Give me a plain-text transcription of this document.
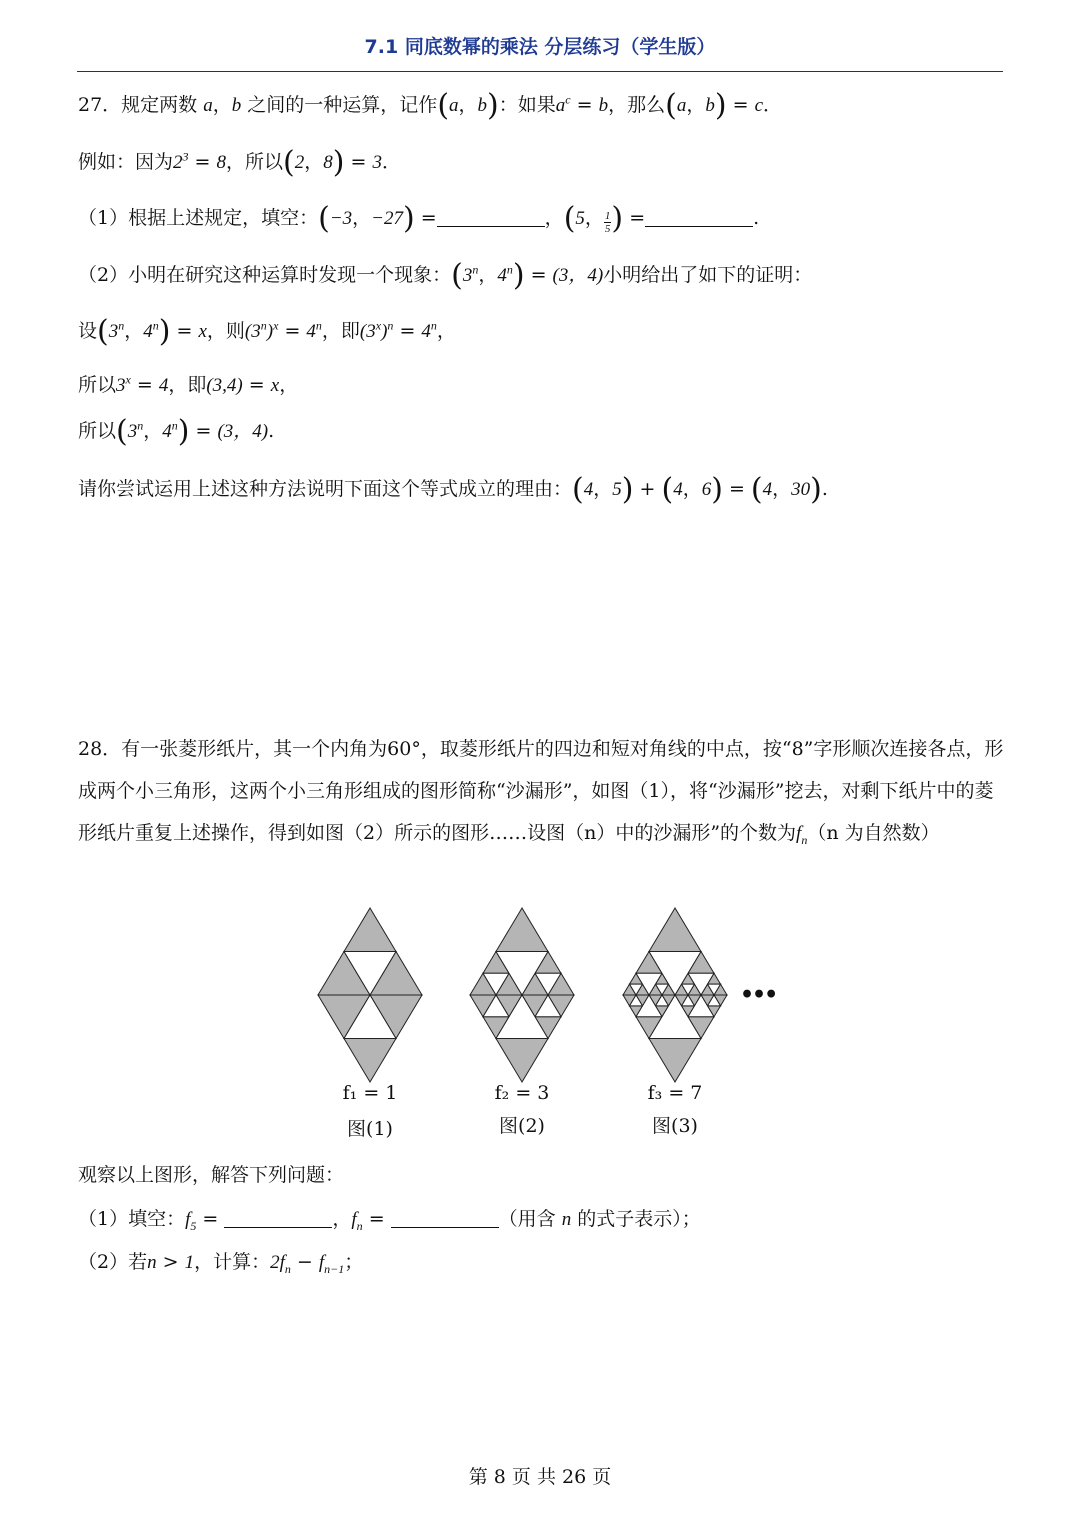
7.1 同底数幂的乘法 分层练习（学生版）
27．规定两数 a，b 之间的一种运算，记作(a，b)：如果$a^c = b$，那么(a，b) = c．
例如：因为$2^3 = 8$，所以(2，8) = 3．
（1）根据上述规定，填空：(−3，−27) =	，(5， $\frac{1}{5}$ ) =	.
（2）小明在研究这种运算时发现一个现象：(3$^n$，$4^n) = (3$，4)小明给出了如下的证明：
设(3$^n$，$4^n) = x$，则$(3^n)^x = 4^n$，即$(3^x)^n = 4^n$，
所以$3^x = 4$，即(3,4) = x，
所以(3$^n$，$4^n) = (3$，4).
请你尝试运用上述这种方法说明下面这个等式成立的理由：(4，5) + (4，6) = (4，30).
28．有一张菱形纸片，其一个内角为60°，取菱形纸片的四边和短对角线的中点，按“8”字形顺次连接各点，形成两个小三角形，这两个小三角形组成的图形简称“沙漏形”，如图（1），将“沙漏形”挖去，对剩下纸片中的菱形纸片重复上述操作，得到如图（2）所示的图形……设图（n）中的沙漏形”的个数为$f_n(n$ 为自然数）
•••
f₁ = 1
图(1)
f₂ = 3
图(2)
f₃ = 7
图(3)
观察以上图形，解答下列问题：
（1）填空：$f_5$ =	，$f_n$ =	（用含 n 的式子表示）；
（2）若n > 1，计算：$2f_n - f_{n-1}$；
第 8 页 共 26 页
